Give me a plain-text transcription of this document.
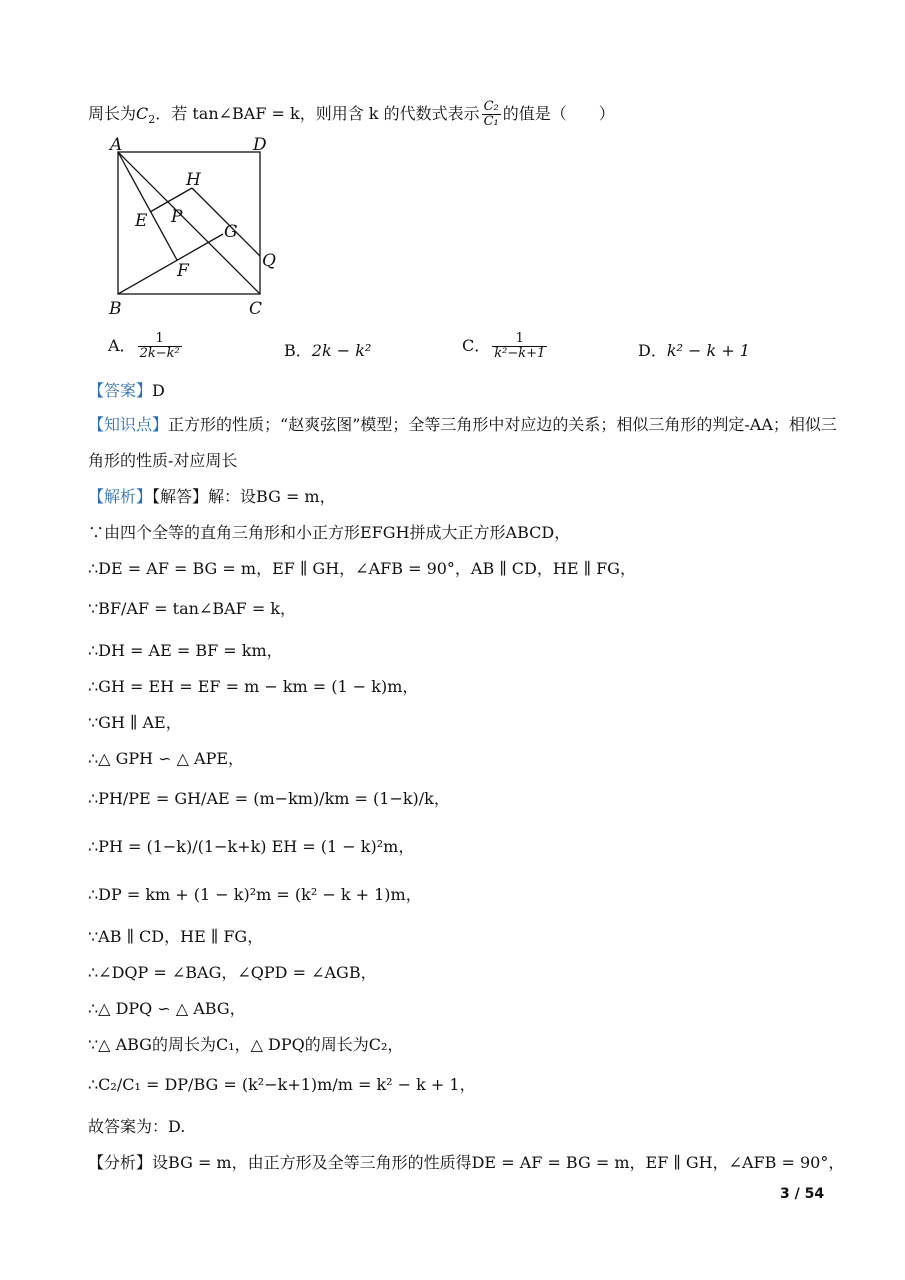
周长为$C_2$．若 tan∠BAF = k，则用含 k 的代数式表示 $\frac{\text{C₂}}{\text{C₁}}$ 的值是（　　）
A	D
H
E P
G
Q
F
B	C
A． $\frac{1}{\text{2k−k²}}$	B．2k − k²	C． $\frac{1}{\text{k²−k+1}}$	D．k² − k + 1
【答案】D
【知识点】正方形的性质；“赵爽弦图”模型；全等三角形中对应边的关系；相似三角形的判定-AA；相似三
角形的性质-对应周长
【解析】【解答】解：设BG = m，
∵由四个全等的直角三角形和小正方形EFGH拼成大正方形ABCD，
∴DE = AF = BG = m，EF ∥ GH，∠AFB = 90°，AB ∥ CD，HE ∥ FG，
∵BF/AF = tan∠BAF = k，
∴DH = AE = BF = km，
∴GH = EH = EF = m − km = (1 − k)m，
∵GH ∥ AE，
∴△ GPH ∽ △ APE，
∴PH/PE = GH/AE = (m−km)/km = (1−k)/k，
∴PH = (1−k)/(1−k+k) EH = (1 − k)²m，
∴DP = km + (1 − k)²m = (k² − k + 1)m，
∵AB ∥ CD，HE ∥ FG，
∴∠DQP = ∠BAG，∠QPD = ∠AGB，
∴△ DPQ ∽ △ ABG，
∵△ ABG的周长为C₁，△ DPQ的周长为C₂，
∴C₂/C₁ = DP/BG = (k²−k+1)m/m = k² − k + 1，
故答案为：D.
【分析】设BG = m，由正方形及全等三角形的性质得DE = AF = BG = m，EF ∥ GH，∠AFB = 90°，
3 / 54
